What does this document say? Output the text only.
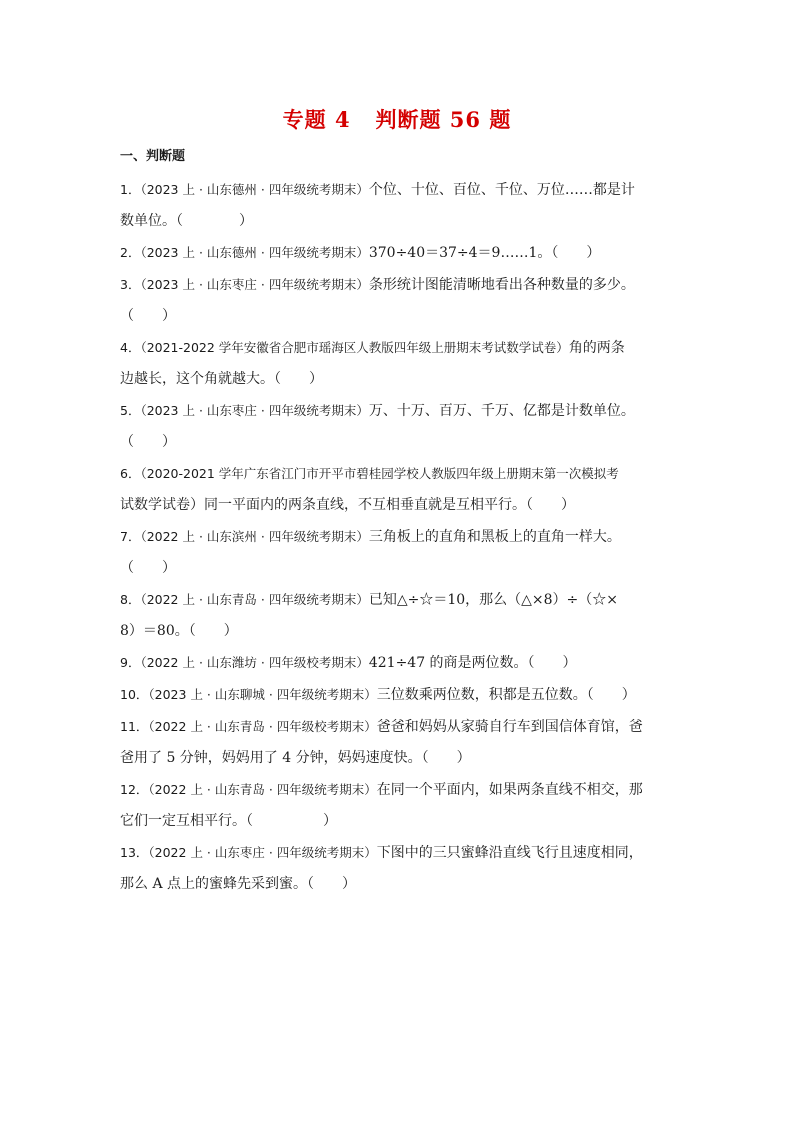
专题 4   判断题 56 题
一、判断题
1．（2023 上 · 山东德州 · 四年级统考期末）个位、十位、百位、千位、万位……都是计
数单位。（　　　　）
2．（2023 上 · 山东德州 · 四年级统考期末）370÷40＝37÷4＝9……1。（　　）
3．（2023 上 · 山东枣庄 · 四年级统考期末）条形统计图能清晰地看出各种数量的多少。
（　　）
4．（2021-2022 学年安徽省合肥市瑶海区人教版四年级上册期末考试数学试卷）角的两条
边越长，这个角就越大。（　　）
5．（2023 上 · 山东枣庄 · 四年级统考期末）万、十万、百万、千万、亿都是计数单位。
（　　）
6．（2020-2021 学年广东省江门市开平市碧桂园学校人教版四年级上册期末第一次模拟考
试数学试卷）同一平面内的两条直线，不互相垂直就是互相平行。（　　）
7．（2022 上 · 山东滨州 · 四年级统考期末）三角板上的直角和黑板上的直角一样大。
（　　）
8．（2022 上 · 山东青岛 · 四年级统考期末）已知△÷☆＝10，那么（△×8）÷（☆×
8）＝80。（　　）
9．（2022 上 · 山东潍坊 · 四年级校考期末）421÷47 的商是两位数。（　　）
10．（2023 上 · 山东聊城 · 四年级统考期末）三位数乘两位数，积都是五位数。（　　）
11．（2022 上 · 山东青岛 · 四年级校考期末）爸爸和妈妈从家骑自行车到国信体育馆，爸
爸用了 5 分钟，妈妈用了 4 分钟，妈妈速度快。（　　）
12．（2022 上 · 山东青岛 · 四年级统考期末）在同一个平面内，如果两条直线不相交，那
它们一定互相平行。（　　　　　）
13．（2022 上 · 山东枣庄 · 四年级统考期末）下图中的三只蜜蜂沿直线飞行且速度相同，
那么 A 点上的蜜蜂先采到蜜。（　　）
